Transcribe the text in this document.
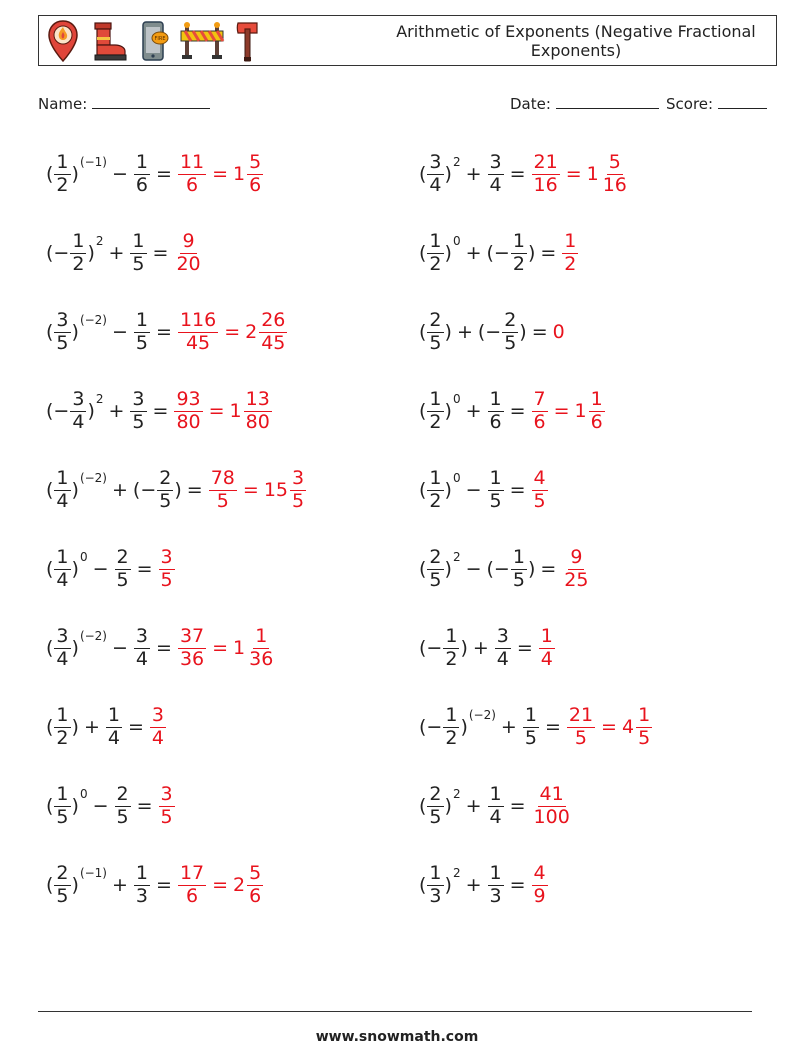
FIRE	Arithmetic of Exponents (Negative Fractional Exponents)
Name:	Date:	Score:
( $\frac{1}{2}$ )
(−1)
− $\frac{1}{6} = \frac{11}{6} = 1 \frac{5}{6}$	( $\frac{3}{4}$ )
2
+ $\frac{3}{4} = \frac{21}{16} = 1 \frac{5}{16}$
(− $\frac{1}{2}$ )
2
+ $\frac{1}{5} = \frac{9}{20}$	( $\frac{1}{2}$ )
0
+ (− $\frac{1}{2}$ ) = $\frac{1}{2}$
( $\frac{3}{5}$ )
(−2)
− $\frac{1}{5} = \frac{116}{45} = 2 \frac{26}{45}$	( $\frac{2}{5}$ ) + (− $\frac{2}{5}$ ) = 0
(− $\frac{3}{4}$ )
2
+ $\frac{3}{5} = \frac{93}{80} = 1 \frac{13}{80}$	( $\frac{1}{2}$ )
0
+ $\frac{1}{6} = \frac{7}{6} = 1 \frac{1}{6}$
( $\frac{1}{4}$ )
(−2)
+ (− $\frac{2}{5}$ ) = $\frac{78}{5} = 15 \frac{3}{5}$	( $\frac{1}{2}$ )
0
− $\frac{1}{5} = \frac{4}{5}$
( $\frac{1}{4}$ )
0
− $\frac{2}{5} = \frac{3}{5}$	( $\frac{2}{5}$ )
2
− (− $\frac{1}{5}$ ) = $\frac{9}{25}$
( $\frac{3}{4}$ )
(−2)
− $\frac{3}{4} = \frac{37}{36} = 1 \frac{1}{36}$	(− $\frac{1}{2}$ ) + $\frac{3}{4} = \frac{1}{4}$
( $\frac{1}{2}$ ) + $\frac{1}{4} = \frac{3}{4}$	(− $\frac{1}{2}$ )
(−2)
+ $\frac{1}{5} = \frac{21}{5} = 4 \frac{1}{5}$
( $\frac{1}{5}$ )
0
− $\frac{2}{5} = \frac{3}{5}$	( $\frac{2}{5}$ )
2
+ $\frac{1}{4} = \frac{41}{100}$
( $\frac{2}{5}$ )
(−1)
+ $\frac{1}{3} = \frac{17}{6} = 2 \frac{5}{6}$	( $\frac{1}{3}$ )
2
+ $\frac{1}{3} = \frac{4}{9}$
www.snowmath.com
